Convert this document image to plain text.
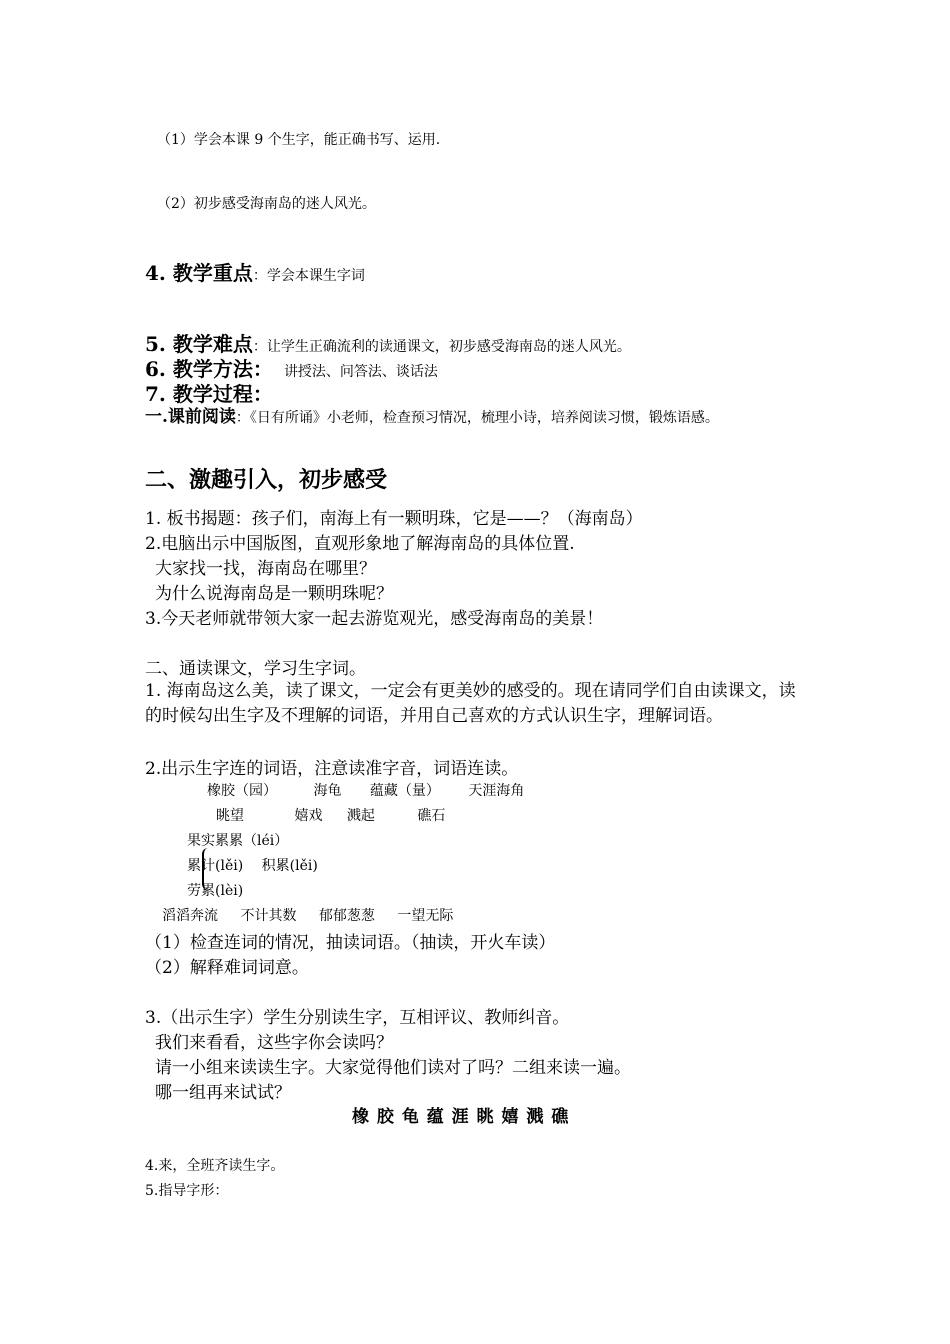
（1）学会本课 9 个生字，能正确书写、运用.
（2）初步感受海南岛的迷人风光。
4. 教学重点：学会本课生字词
5. 教学难点：让学生正确流利的读通课文，初步感受海南岛的迷人风光。
6. 教学方法： 讲授法、问答法、谈话法
7. 教学过程：
一.课前阅读：《日有所诵》小老师，检查预习情况，梳理小诗，培养阅读习惯，锻炼语感。
二、激趣引入，初步感受
1. 板书揭题：孩子们，南海上有一颗明珠，它是——？（海南岛）
2.电脑出示中国版图，直观形象地了解海南岛的具体位置.
大家找一找，海南岛在哪里？
为什么说海南岛是一颗明珠呢？
3.今天老师就带领大家一起去游览观光，感受海南岛的美景！
二、通读课文，学习生字词。
1. 海南岛这么美，读了课文，一定会有更美妙的感受的。现在请同学们自由读课文，读的时候勾出生字及不理解的词语，并用自己喜欢的方式认识生字，理解词语。
2.出示生字连的词语，注意读准字音，词语连读。
橡胶（园）	海龟 蕴藏（量） 天涯海角
眺望	嬉戏 溅起	礁石
果实累累（léi）
累计(lěi) 积累(lěi)
劳累(lèi)
滔滔奔流 不计其数 郁郁葱葱 一望无际
（1）检查连词的情况，抽读词语。（抽读，开火车读）
（2）解释难词词意。
3.（出示生字）学生分别读生字，互相评议、教师纠音。
我们来看看，这些字你会读吗？
请一小组来读读生字。大家觉得他们读对了吗？二组来读一遍。
哪一组再来试试？
橡 胶 龟 蕴 涯 眺 嬉 溅 礁
4.来，全班齐读生字。
5.指导字形：
